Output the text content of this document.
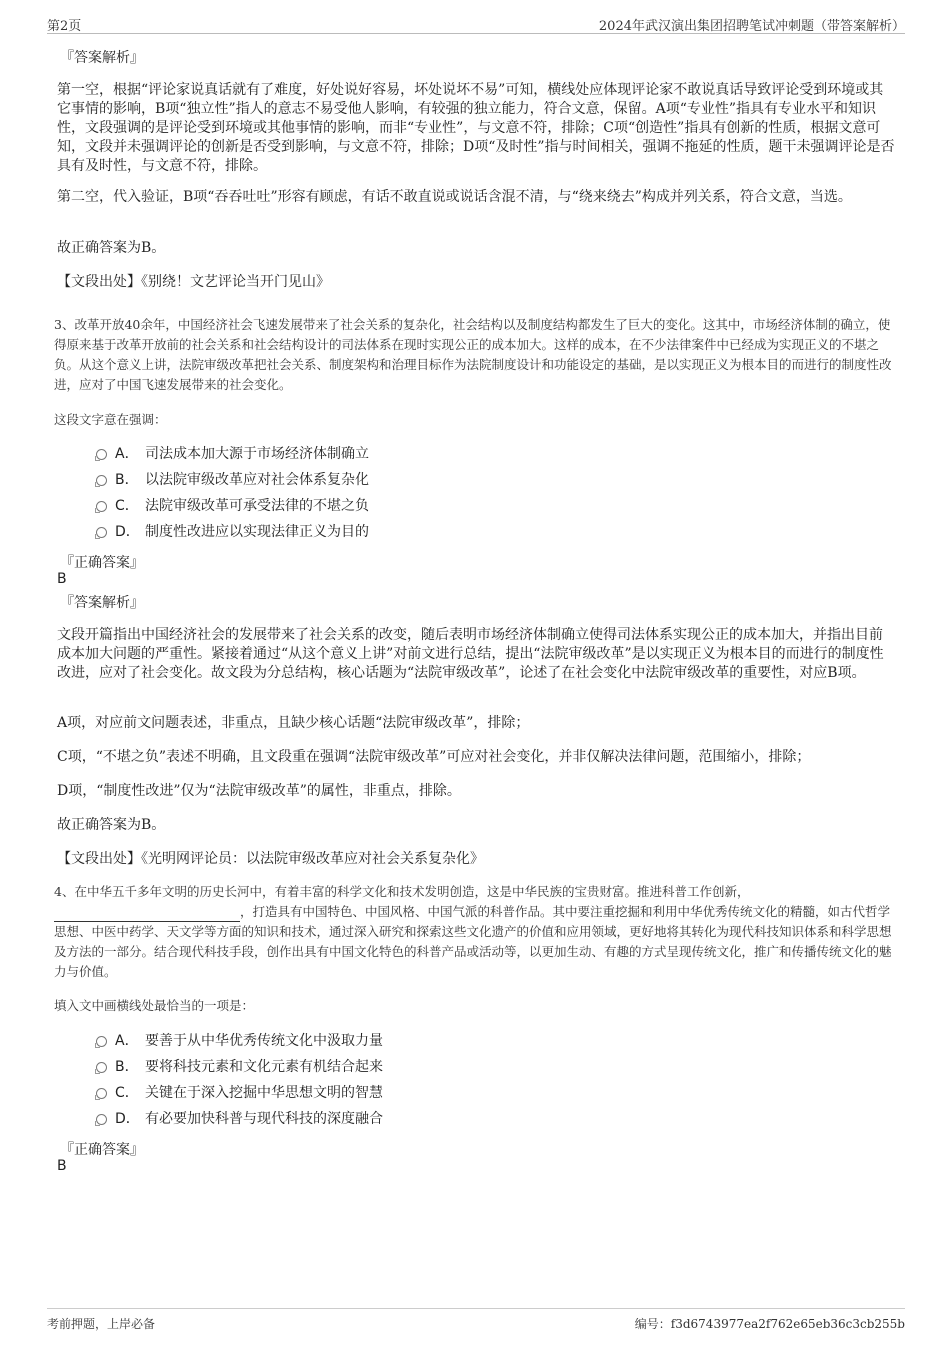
第2页	2024年武汉演出集团招聘笔试冲刺题（带答案解析）
『答案解析』
第一空，根据“评论家说真话就有了难度，好处说好容易，坏处说坏不易”可知，横线处应体现评论家不敢说真话导致评论受到环境或其它事情的影响，B项“独立性”指人的意志不易受他人影响，有较强的独立能力，符合文意，保留。A项“专业性”指具有专业水平和知识性，文段强调的是评论受到环境或其他事情的影响，而非“专业性”，与文意不符，排除；C项“创造性”指具有创新的性质，根据文意可知，文段并未强调评论的创新是否受到影响，与文意不符，排除；D项“及时性”指与时间相关，强调不拖延的性质，题干未强调评论是否具有及时性，与文意不符，排除。
第二空，代入验证，B项“吞吞吐吐”形容有顾虑，有话不敢直说或说话含混不清，与“绕来绕去”构成并列关系，符合文意，当选。
故正确答案为B。
【文段出处】《别绕！文艺评论当开门见山》
3、改革开放40余年，中国经济社会飞速发展带来了社会关系的复杂化，社会结构以及制度结构都发生了巨大的变化。这其中，市场经济体制的确立，使得原来基于改革开放前的社会关系和社会结构设计的司法体系在现时实现公正的成本加大。这样的成本，在不少法律案件中已经成为实现正义的不堪之负。从这个意义上讲，法院审级改革把社会关系、制度架构和治理目标作为法院制度设计和功能设定的基础，是以实现正义为根本目的而进行的制度性改进，应对了中国飞速发展带来的社会变化。
这段文字意在强调：
A． 司法成本加大源于市场经济体制确立
B． 以法院审级改革应对社会体系复杂化
C． 法院审级改革可承受法律的不堪之负
D． 制度性改进应以实现法律正义为目的
『正确答案』
B
『答案解析』
文段开篇指出中国经济社会的发展带来了社会关系的改变，随后表明市场经济体制确立使得司法体系实现公正的成本加大，并指出目前成本加大问题的严重性。紧接着通过“从这个意义上讲”对前文进行总结，提出“法院审级改革”是以实现正义为根本目的而进行的制度性改进，应对了社会变化。故文段为分总结构，核心话题为“法院审级改革”，论述了在社会变化中法院审级改革的重要性，对应B项。
A项，对应前文问题表述，非重点，且缺少核心话题“法院审级改革”，排除；
C项，“不堪之负”表述不明确，且文段重在强调“法院审级改革”可应对社会变化，并非仅解决法律问题，范围缩小，排除；
D项，“制度性改进”仅为“法院审级改革”的属性，非重点，排除。
故正确答案为B。
【文段出处】《光明网评论员：以法院审级改革应对社会关系复杂化》
4、在中华五千多年文明的历史长河中，有着丰富的科学文化和技术发明创造，这是中华民族的宝贵财富。推进科普工作创新，
，打造具有中国特色、中国风格、中国气派的科普作品。其中要注重挖掘和利用中华优秀传统文化的精髓，如古代哲学思想、中医中药学、天文学等方面的知识和技术，通过深入研究和探索这些文化遗产的价值和应用领域，更好地将其转化为现代科技知识体系和科学思想及方法的一部分。结合现代科技手段，创作出具有中国文化特色的科普产品或活动等，以更加生动、有趣的方式呈现传统文化，推广和传播传统文化的魅力与价值。
填入文中画横线处最恰当的一项是：
A． 要善于从中华优秀传统文化中汲取力量
B． 要将科技元素和文化元素有机结合起来
C． 关键在于深入挖掘中华思想文明的智慧
D． 有必要加快科普与现代科技的深度融合
『正确答案』
B
考前押题，上岸必备	编号：f3d6743977ea2f762e65eb36c3cb255b
